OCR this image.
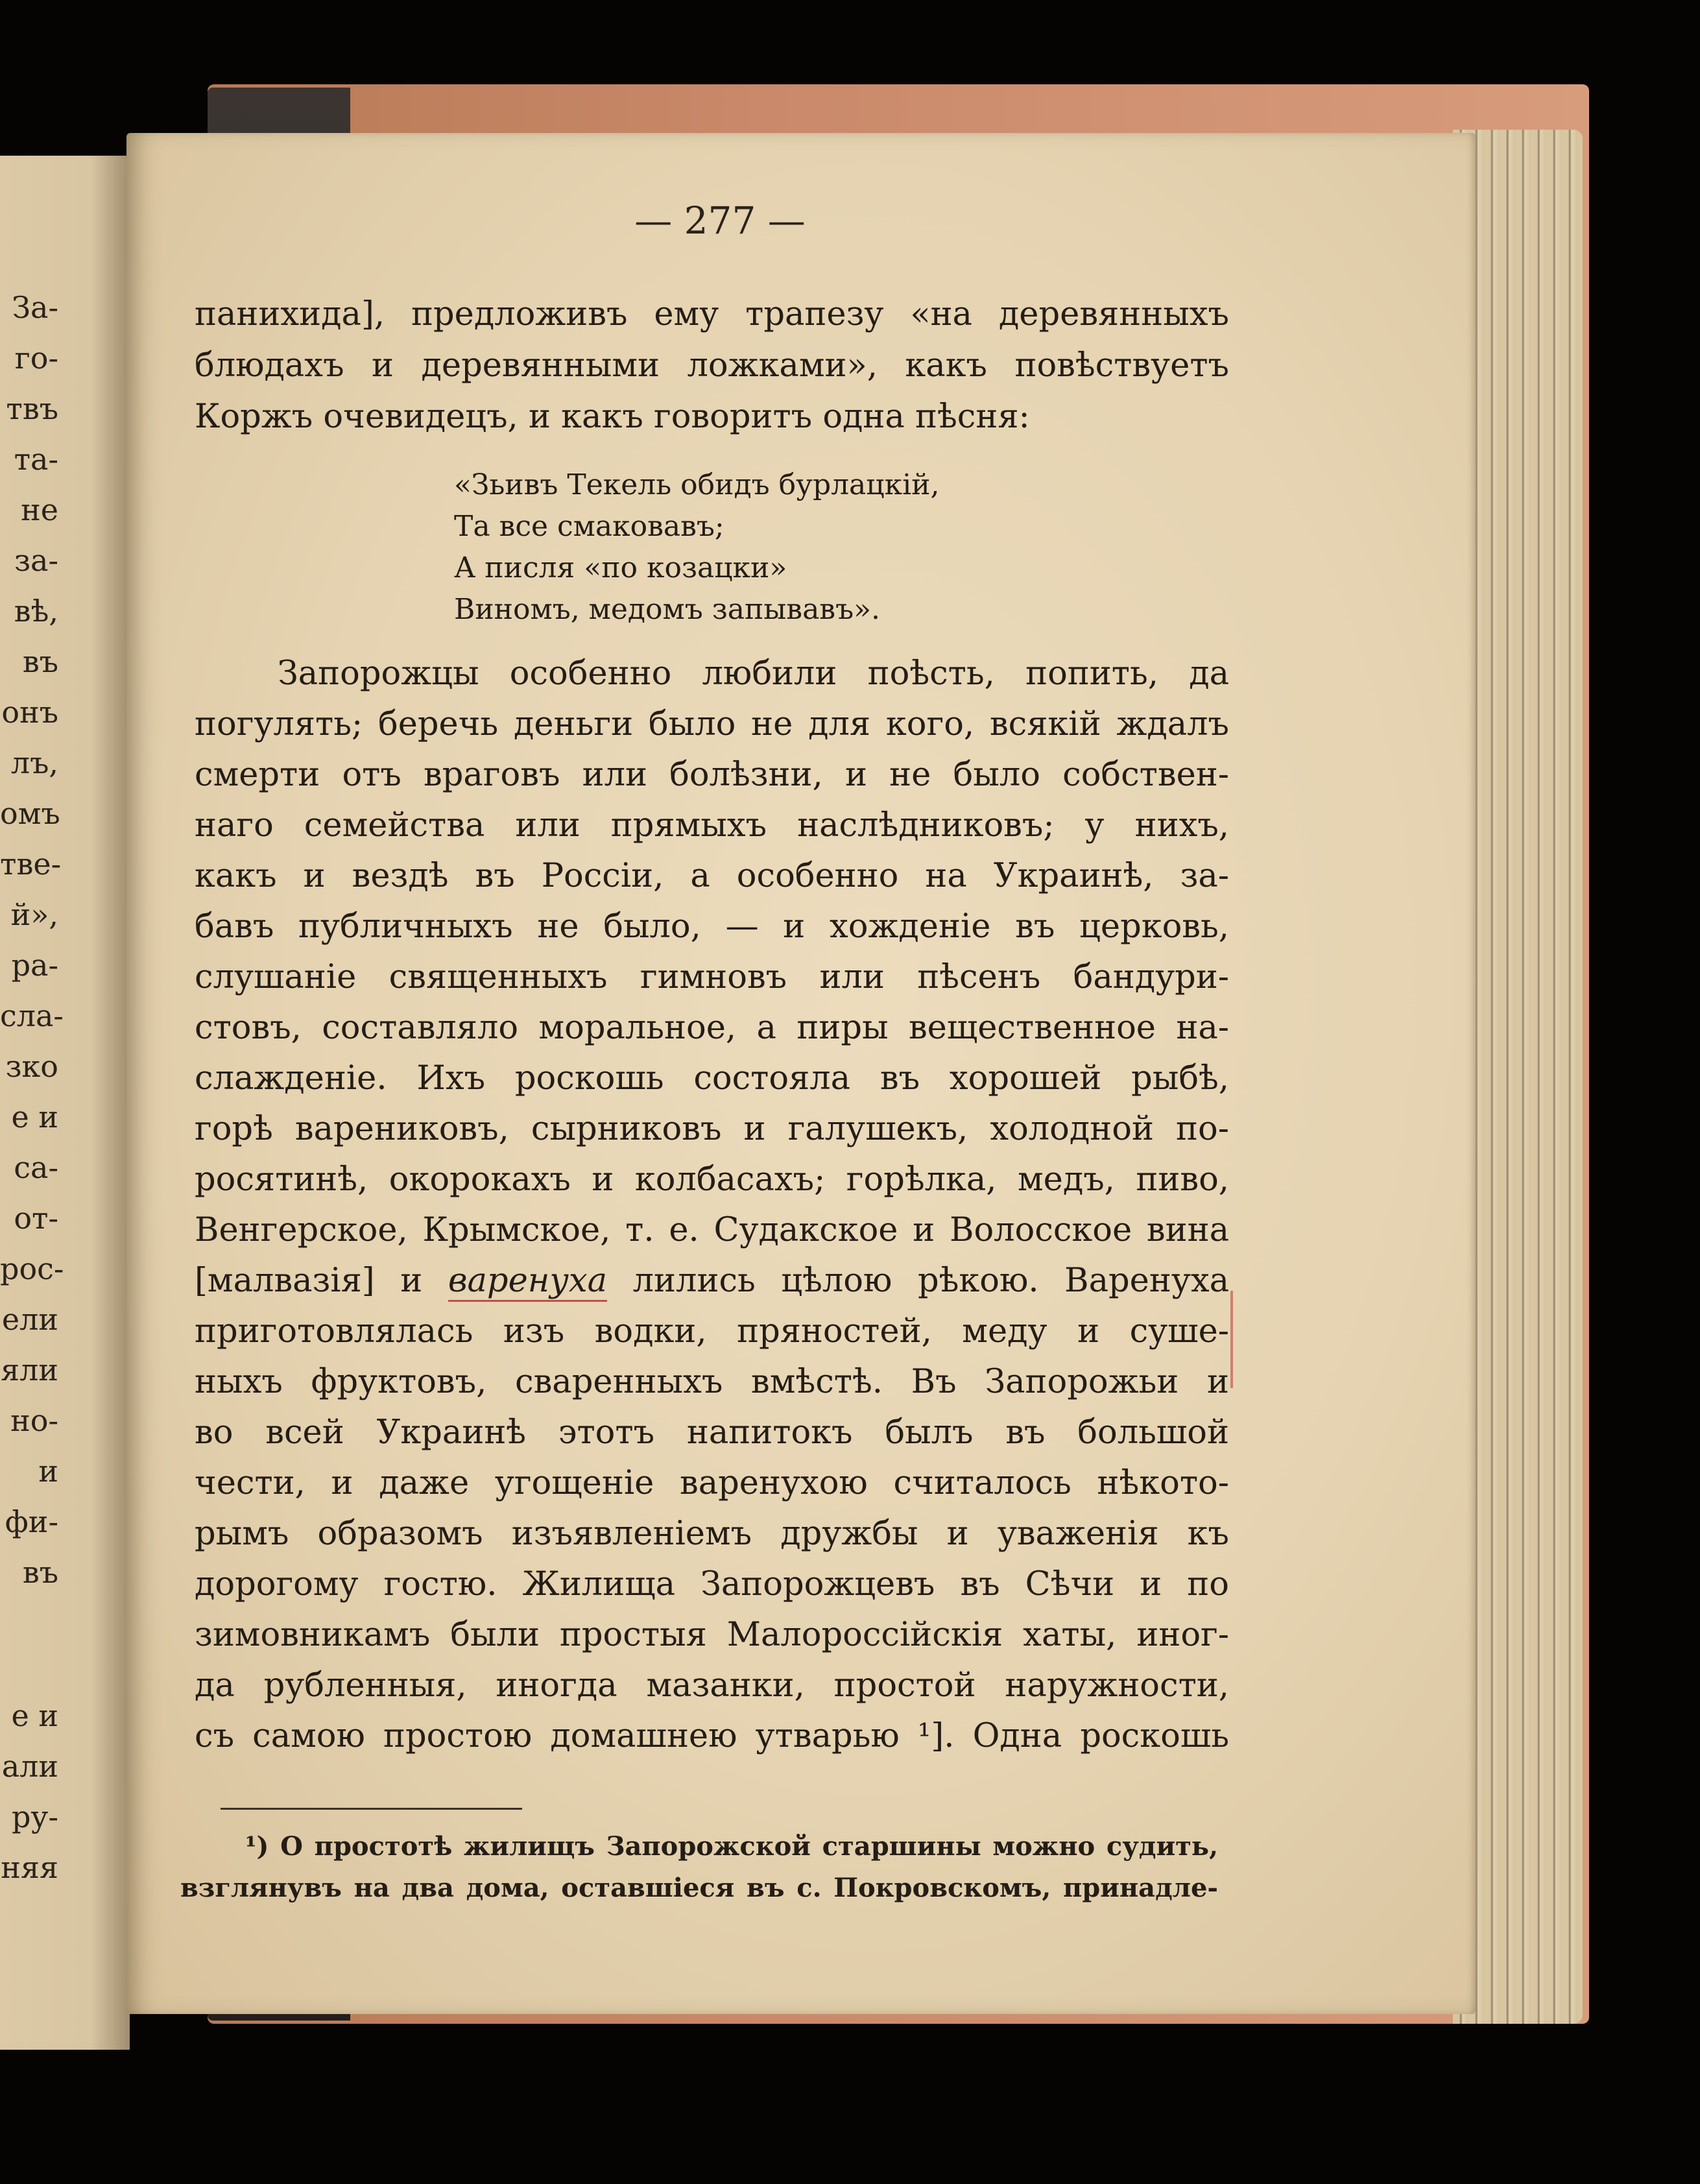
За-
го-
твъ
та-
не
за-
вѣ,
въ
онъ
лъ,
омъ
тве-
й»,
ра-
сла-
зко
е и
са-
от-
рос-
ели
яли
но-
и
фи-
въ
е и
али
ру-
няя
— 277 —
панихида], предложивъ ему трапезу «на деревянныхъ
блюдахъ и деревянными ложками», какъ повѣствуетъ
Коржъ очевидецъ, и какъ говоритъ одна пѣсня:
«Зьивъ Текель обидъ бурлацкій,
Та все смаковавъ;
А писля «по козацки»
Виномъ, медомъ запывавъ».
Запорожцы особенно любили поѣсть, попить, да
погулять; беречь деньги было не для кого, всякій ждалъ
смерти отъ враговъ или болѣзни, и не было собствен-
наго семейства или прямыхъ наслѣдниковъ; у нихъ,
какъ и вездѣ въ Россіи, а особенно на Украинѣ, за-
бавъ публичныхъ не было, — и хожденіе въ церковь,
слушаніе священныхъ гимновъ или пѣсенъ бандури-
стовъ, составляло моральное, а пиры вещественное на-
слажденіе. Ихъ роскошь состояла въ хорошей рыбѣ,
горѣ варениковъ, сырниковъ и галушекъ, холодной по-
росятинѣ, окорокахъ и колбасахъ; горѣлка, медъ, пиво,
Венгерское, Крымское, т. е. Судакское и Волосское вина
[малвазія] и варенуха лились цѣлою рѣкою. Варенуха
приготовлялась изъ водки, пряностей, меду и суше-
ныхъ фруктовъ, сваренныхъ вмѣстѣ. Въ Запорожьи и
во всей Украинѣ этотъ напитокъ былъ въ большой
чести, и даже угощеніе варенухою считалось нѣкото-
рымъ образомъ изъявленіемъ дружбы и уваженія къ
дорогому гостю. Жилища Запорожцевъ въ Сѣчи и по
зимовникамъ были простыя Малороссійскія хаты, иног-
да рубленныя, иногда мазанки, простой наружности,
съ самою простою домашнею утварью ¹]. Одна роскошь
¹) О простотѣ жилищъ Запорожской старшины можно судить,
взглянувъ на два дома, оставшіеся въ с. Покровскомъ, принадле-
